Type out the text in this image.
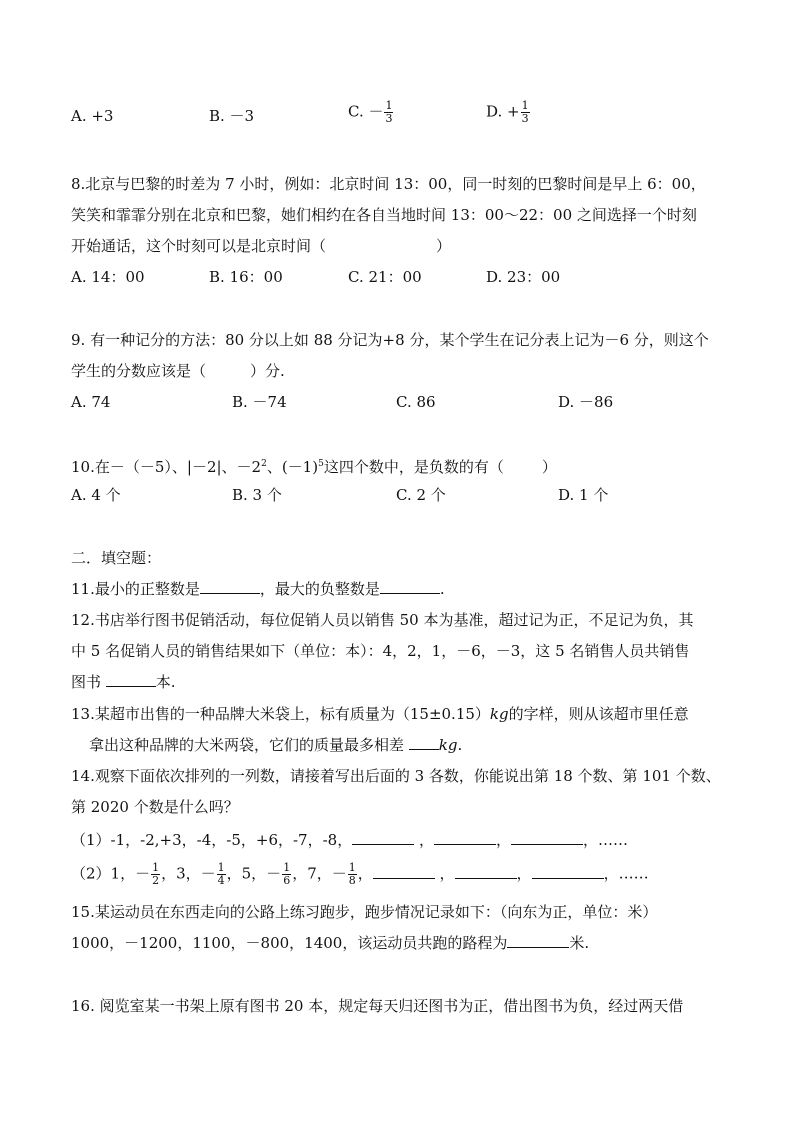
A. +3	B. －3	C. － $\frac{1}{3}$	D. + $\frac{1}{3}$
8.北京与巴黎的时差为 7 小时，例如：北京时间 13：00，同一时刻的巴黎时间是早上 6：00，
笑笑和霏霏分别在北京和巴黎，她们相约在各自当地时间 13：00～22：00 之间选择一个时刻
开始通话，这个时刻可以是北京时间（	）
A. 14：00	B. 16：00	C. 21：00	D. 23：00
9. 有一种记分的方法：80 分以上如 88 分记为+8 分，某个学生在记分表上记为－6 分，则这个
学生的分数应该是（	）分.
A. 74	B. －74	C. 86	D. －86
10.在－（－5）、|－2|、$-2^2$、$(-1)^5$这四个数中，是负数的有（	）
A. 4 个	B. 3 个	C. 2 个	D. 1 个
二．填空题：
11.最小的正整数是	，最大的负整数是	.
12.书店举行图书促销活动，每位促销人员以销售 50 本为基准，超过记为正，不足记为负，其
中 5 名促销人员的销售结果如下（单位：本）：4，2，1，－6，－3，这 5 名销售人员共销售
图书	本.
13.某超市出售的一种品牌大米袋上，标有质量为（15±0.15）kg的字样，则从该超市里任意
拿出这种品牌的大米两袋，它们的质量最多相差 kg.
14.观察下面依次排列的一列数，请接着写出后面的 3 各数，你能说出第 18 个数、第 101 个数、
第 2020 个数是什么吗？
（1）-1，-2,+3，-4，-5，+6，-7，-8，	，	，	，……
（2）1，－ $\frac{1}{2}$ ，3，－ $\frac{1}{4}$ ，5，－ $\frac{1}{6}$ ，7，－ $\frac{1}{8}$ ，	，	，	，……
15.某运动员在东西走向的公路上练习跑步，跑步情况记录如下：（向东为正，单位：米）
1000，－1200，1100，－800，1400，该运动员共跑的路程为	米.
16. 阅览室某一书架上原有图书 20 本，规定每天归还图书为正，借出图书为负，经过两天借
